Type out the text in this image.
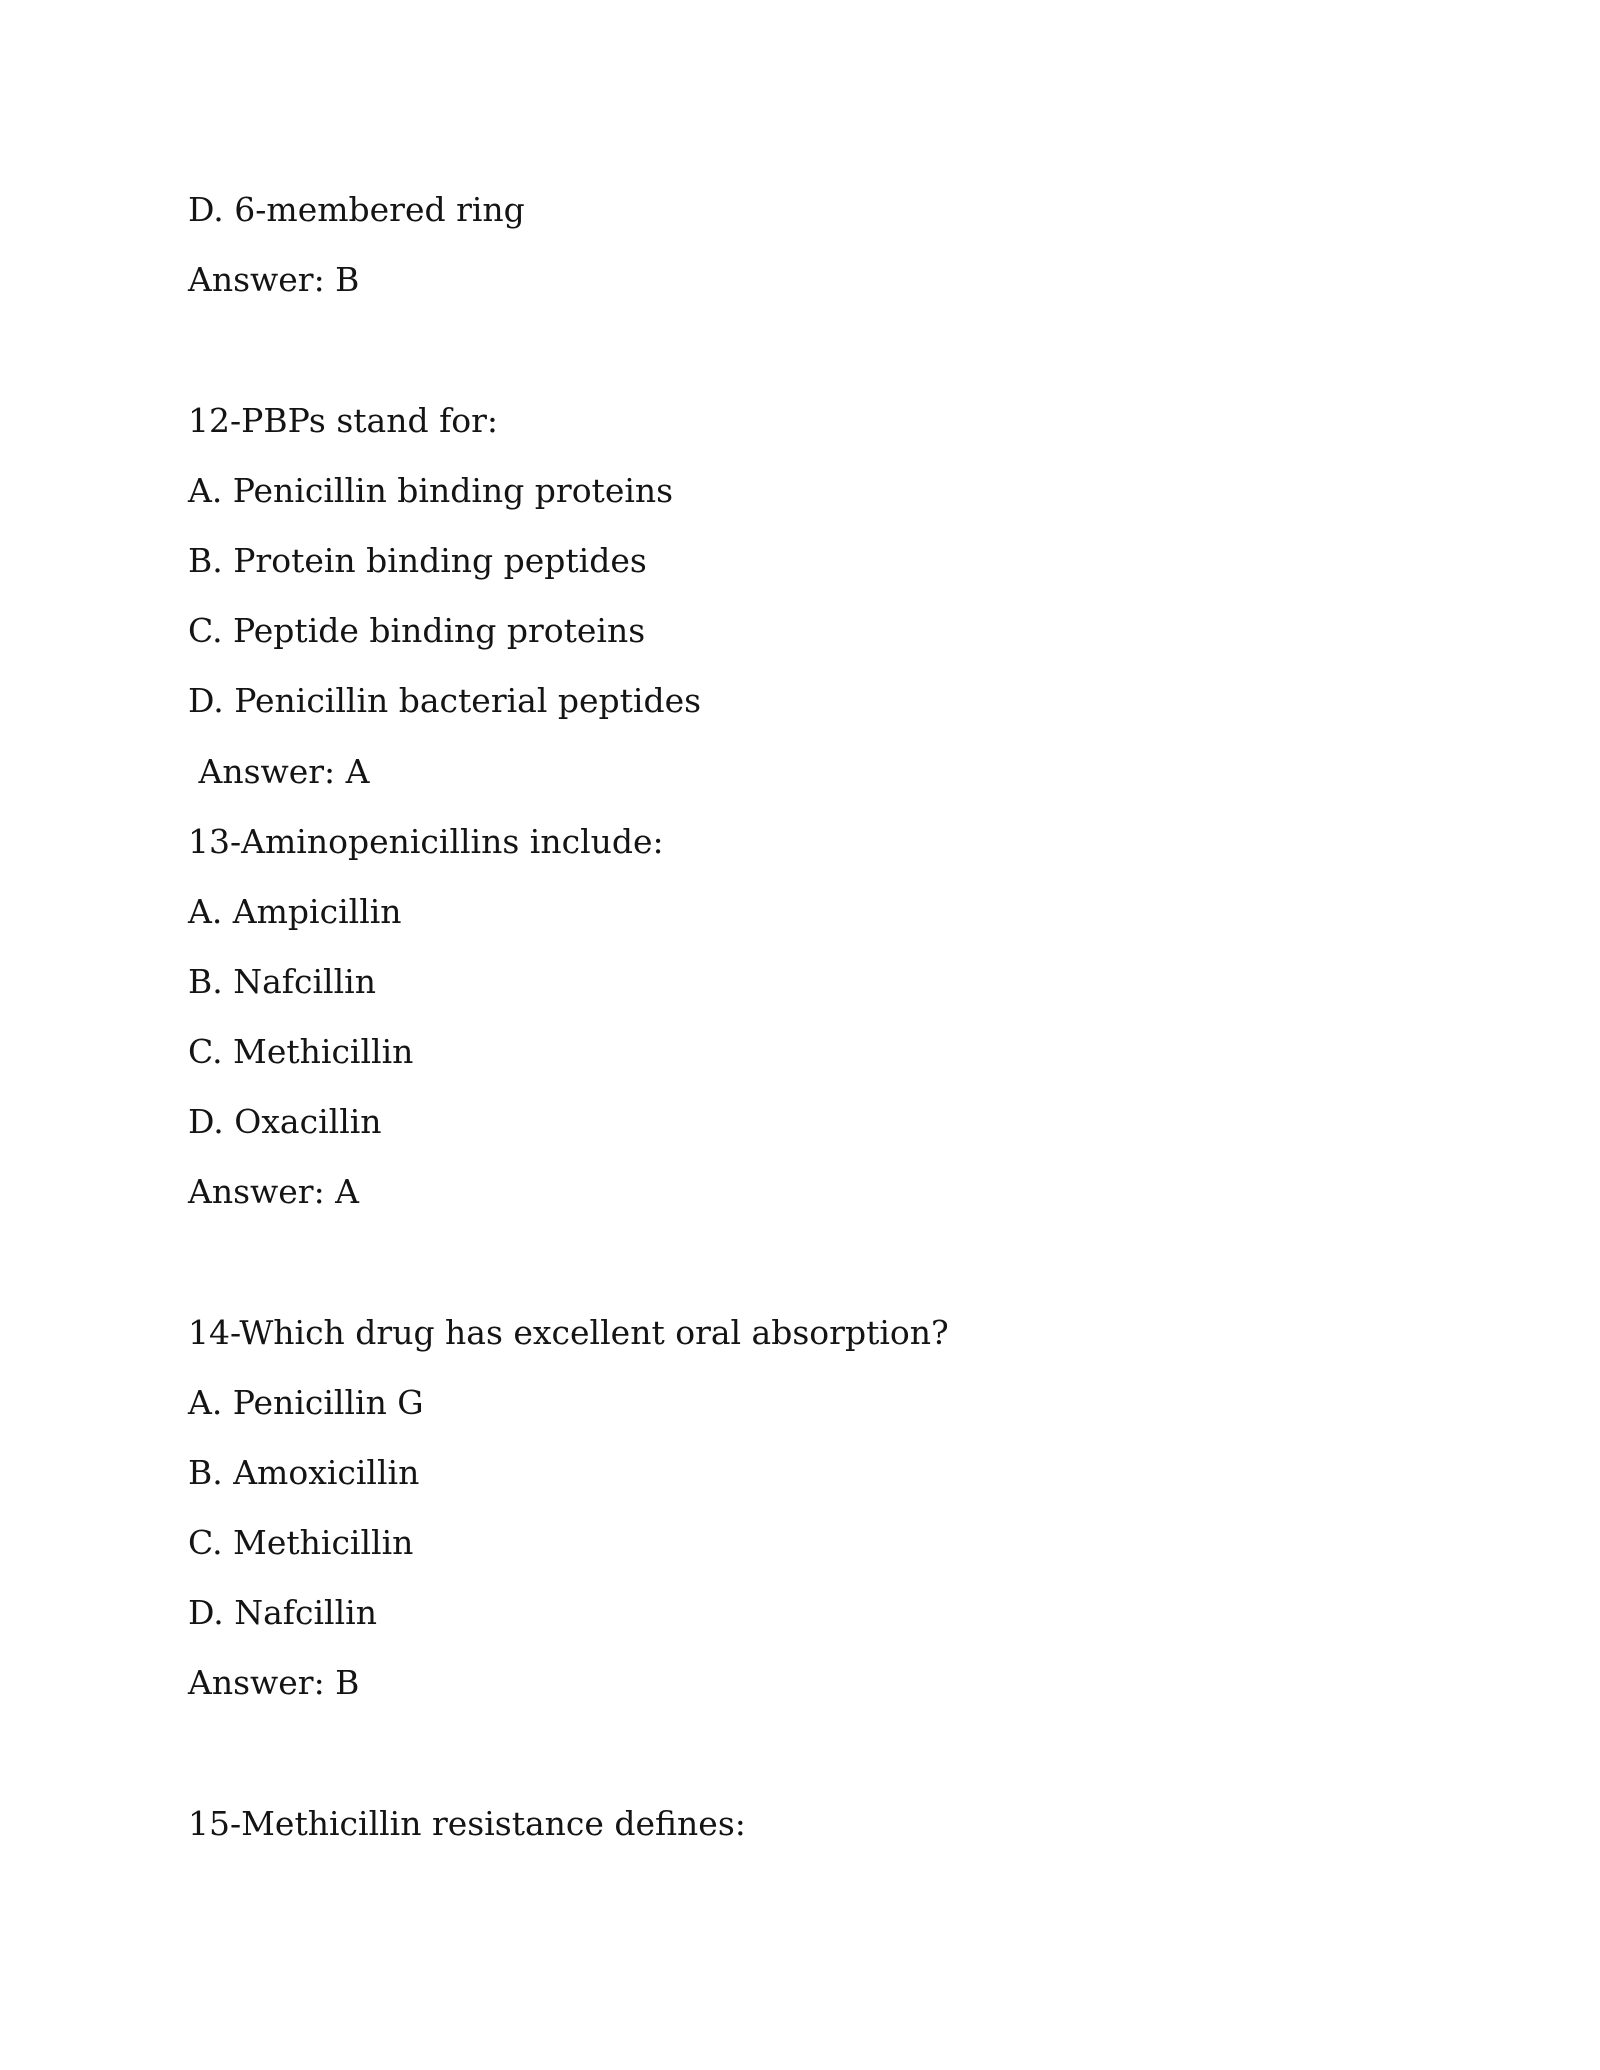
D. 6-membered ring

Answer: B

12-PBPs stand for:

A. Penicillin binding proteins

B. Protein binding peptides

C. Peptide binding proteins

D. Penicillin bacterial peptides

Answer: A

13-Aminopenicillins include:

A. Ampicillin

B. Nafcillin

C. Methicillin

D. Oxacillin

Answer: A

14-Which drug has excellent oral absorption?

A. Penicillin G

B. Amoxicillin

C. Methicillin

D. Nafcillin

Answer: B

15-Methicillin resistance defines:
